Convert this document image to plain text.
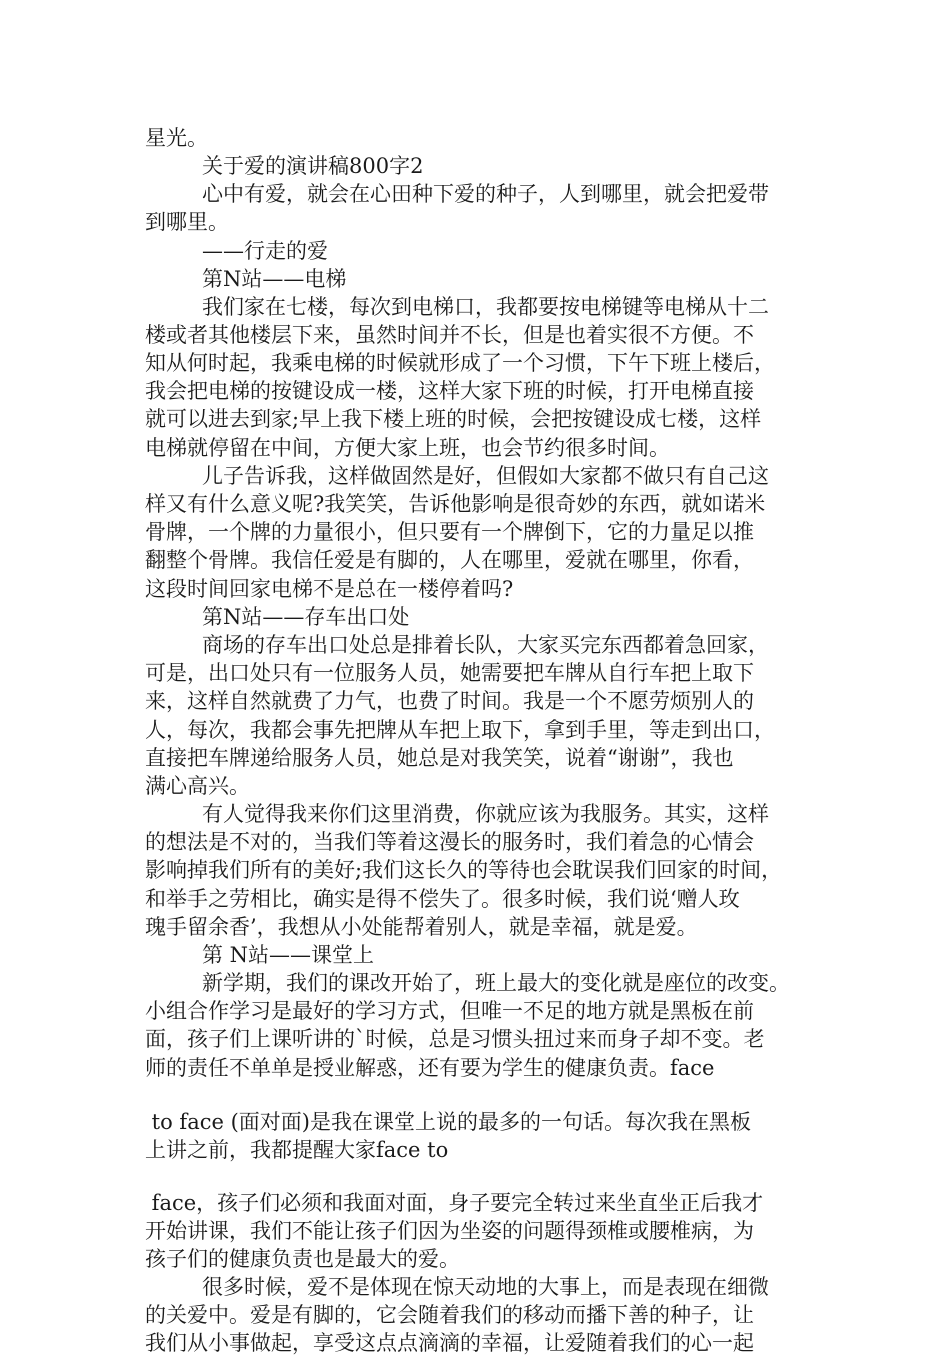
星光。
关于爱的演讲稿800字2
心中有爱，就会在心田种下爱的种子，人到哪里，就会把爱带
到哪里。
——行走的爱
第N站——电梯
我们家在七楼，每次到电梯口，我都要按电梯键等电梯从十二
楼或者其他楼层下来，虽然时间并不长，但是也着实很不方便。不
知从何时起，我乘电梯的时候就形成了一个习惯，下午下班上楼后，
我会把电梯的按键设成一楼，这样大家下班的时候，打开电梯直接
就可以进去到家;早上我下楼上班的时候，会把按键设成七楼，这样
电梯就停留在中间，方便大家上班，也会节约很多时间。
儿子告诉我，这样做固然是好，但假如大家都不做只有自己这
样又有什么意义呢?我笑笑，告诉他影响是很奇妙的东西，就如诺米
骨牌，一个牌的力量很小，但只要有一个牌倒下，它的力量足以推
翻整个骨牌。我信任爱是有脚的，人在哪里，爱就在哪里，你看，
这段时间回家电梯不是总在一楼停着吗?
第N站——存车出口处
商场的存车出口处总是排着长队，大家买完东西都着急回家，
可是，出口处只有一位服务人员，她需要把车牌从自行车把上取下
来，这样自然就费了力气，也费了时间。我是一个不愿劳烦别人的
人，每次，我都会事先把牌从车把上取下，拿到手里，等走到出口，
直接把车牌递给服务人员，她总是对我笑笑，说着“谢谢”，我也
满心高兴。
有人觉得我来你们这里消费，你就应该为我服务。其实，这样
的想法是不对的，当我们等着这漫长的服务时，我们着急的心情会
影响掉我们所有的美好;我们这长久的等待也会耽误我们回家的时间，
和举手之劳相比，确实是得不偿失了。很多时候，我们说‘赠人玫
瑰手留余香’，我想从小处能帮着别人，就是幸福，就是爱。
第 N站——课堂上
新学期，我们的课改开始了，班上最大的变化就是座位的改变。
小组合作学习是最好的学习方式，但唯一不足的地方就是黑板在前
面，孩子们上课听讲的`时候，总是习惯头扭过来而身子却不变。老
师的责任不单单是授业解惑，还有要为学生的健康负责。face
to face (面对面)是我在课堂上说的最多的一句话。每次我在黑板
上讲之前，我都提醒大家face to
face，孩子们必须和我面对面，身子要完全转过来坐直坐正后我才
开始讲课，我们不能让孩子们因为坐姿的问题得颈椎或腰椎病，为
孩子们的健康负责也是最大的爱。
很多时候，爱不是体现在惊天动地的大事上，而是表现在细微
的关爱中。爱是有脚的，它会随着我们的移动而播下善的种子，让
我们从小事做起，享受这点点滴滴的幸福，让爱随着我们的心一起
